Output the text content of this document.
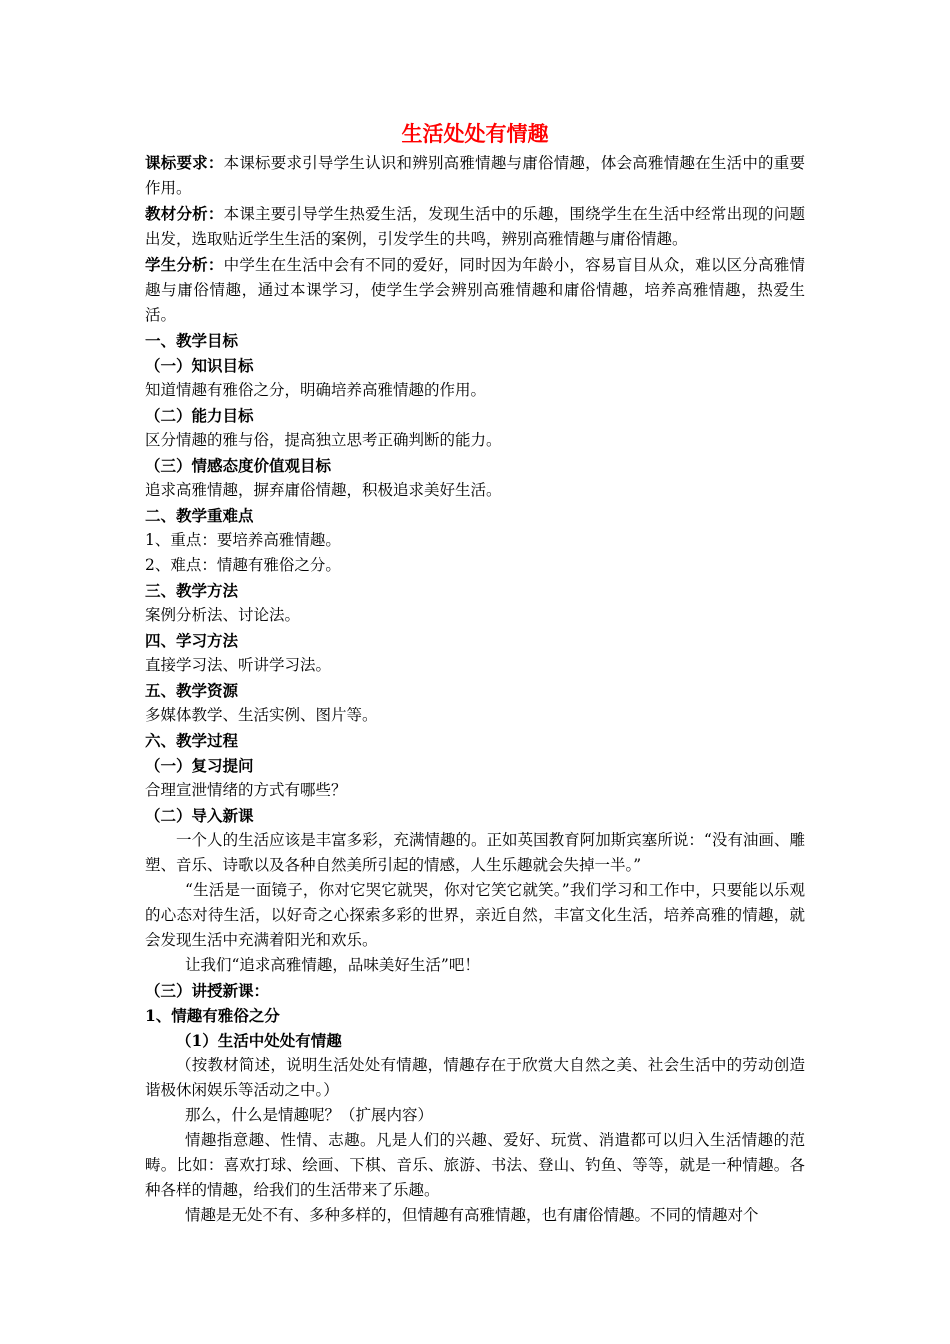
生活处处有情趣

课标要求：本课标要求引导学生认识和辨别高雅情趣与庸俗情趣，体会高雅情趣在生活中的重要作用。

教材分析：本课主要引导学生热爱生活，发现生活中的乐趣，围绕学生在生活中经常出现的问题出发，选取贴近学生生活的案例，引发学生的共鸣，辨别高雅情趣与庸俗情趣。

学生分析：中学生在生活中会有不同的爱好，同时因为年龄小，容易盲目从众，难以区分高雅情趣与庸俗情趣，通过本课学习，使学生学会辨别高雅情趣和庸俗情趣，培养高雅情趣，热爱生活。

一、教学目标

（一）知识目标

知道情趣有雅俗之分，明确培养高雅情趣的作用。

（二）能力目标

区分情趣的雅与俗，提高独立思考正确判断的能力。

（三）情感态度价值观目标

追求高雅情趣，摒弃庸俗情趣，积极追求美好生活。

二、教学重难点

1、重点：要培养高雅情趣。

2、难点：情趣有雅俗之分。

三、教学方法

案例分析法、讨论法。

四、学习方法

直接学习法、听讲学习法。

五、教学资源

多媒体教学、生活实例、图片等。

六、教学过程

（一）复习提问

合理宣泄情绪的方式有哪些？

（二）导入新课

一个人的生活应该是丰富多彩，充满情趣的。正如英国教育阿加斯宾塞所说：“没有油画、雕塑、音乐、诗歌以及各种自然美所引起的情感，人生乐趣就会失掉一半。”

“生活是一面镜子，你对它哭它就哭，你对它笑它就笑。”我们学习和工作中，只要能以乐观的心态对待生活，以好奇之心探索多彩的世界，亲近自然，丰富文化生活，培养高雅的情趣，就会发现生活中充满着阳光和欢乐。

让我们“追求高雅情趣，品味美好生活”吧！

（三）讲授新课：

1、情趣有雅俗之分

（1）生活中处处有情趣

（按教材简述，说明生活处处有情趣，情趣存在于欣赏大自然之美、社会生活中的劳动创造谐极休闲娱乐等活动之中。）

那么，什么是情趣呢？（扩展内容）

情趣指意趣、性情、志趣。凡是人们的兴趣、爱好、玩赏、消遣都可以归入生活情趣的范畴。比如：喜欢打球、绘画、下棋、音乐、旅游、书法、登山、钓鱼、等等，就是一种情趣。各种各样的情趣，给我们的生活带来了乐趣。

情趣是无处不有、多种多样的，但情趣有高雅情趣，也有庸俗情趣。不同的情趣对个
